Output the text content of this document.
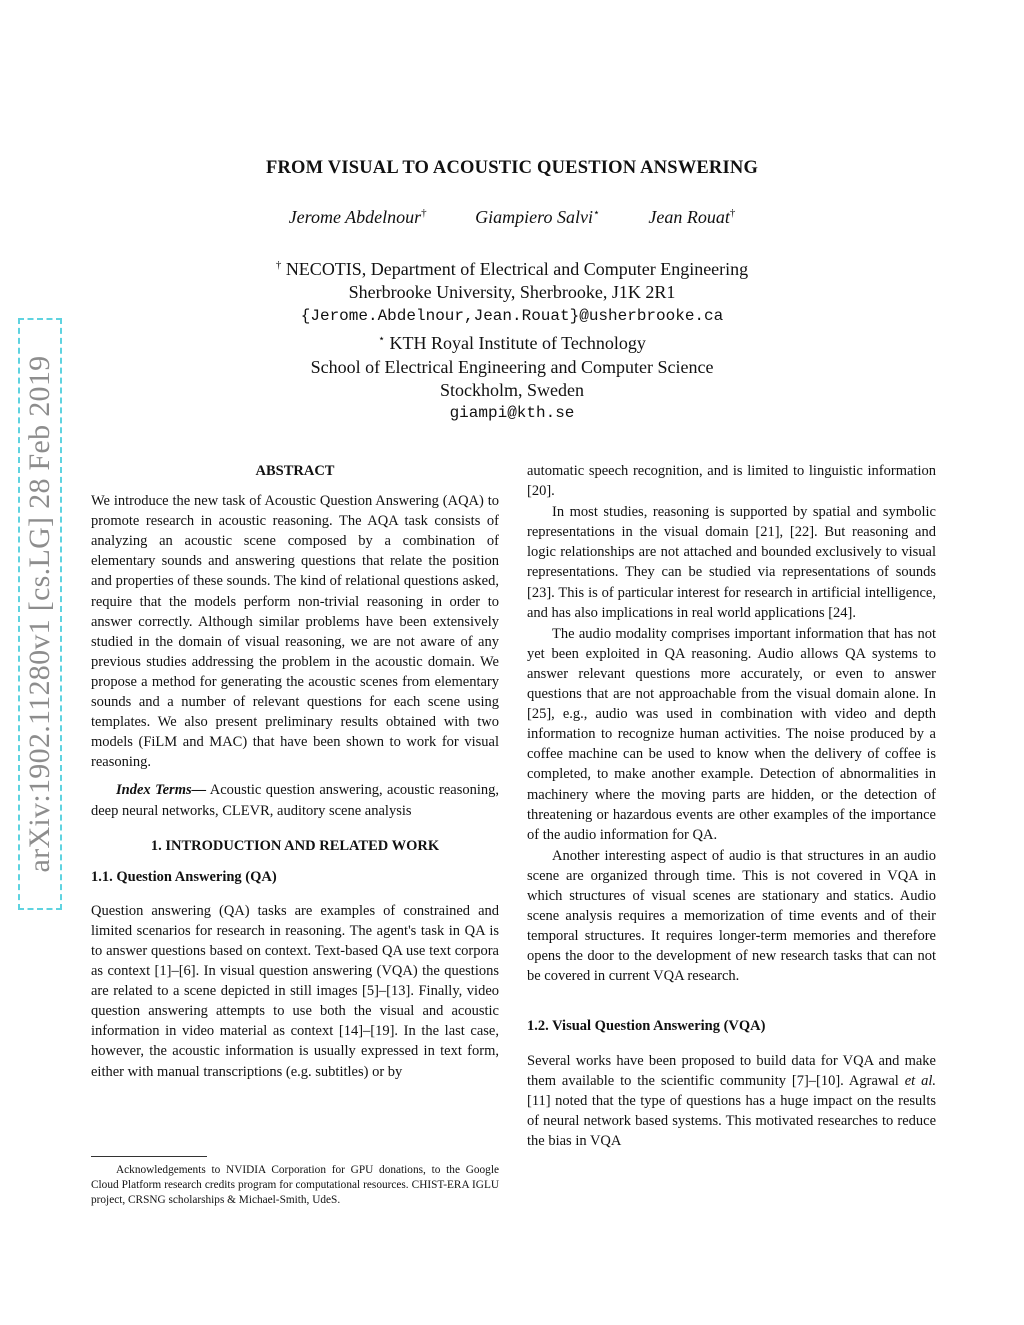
arXiv:1902.11280v1 [cs.LG] 28 Feb 2019
FROM VISUAL TO ACOUSTIC QUESTION ANSWERING
Jerome Abdelnour†	Giampiero Salvi⋆	Jean Rouat†
† NECOTIS, Department of Electrical and Computer Engineering
Sherbrooke University, Sherbrooke, J1K 2R1
{Jerome.Abdelnour,Jean.Rouat}@usherbrooke.ca
⋆ KTH Royal Institute of Technology
School of Electrical Engineering and Computer Science
Stockholm, Sweden
giampi@kth.se

ABSTRACT

We introduce the new task of Acoustic Question Answering (AQA) to promote research in acoustic reasoning. The AQA task consists of analyzing an acoustic scene composed by a combination of elementary sounds and answering questions that relate the position and properties of these sounds. The kind of relational questions asked, require that the models perform non-trivial reasoning in order to answer correctly. Although similar problems have been extensively studied in the domain of visual reasoning, we are not aware of any previous studies addressing the problem in the acoustic domain. We propose a method for generating the acoustic scenes from elementary sounds and a number of relevant questions for each scene using templates. We also present preliminary results obtained with two models (FiLM and MAC) that have been shown to work for visual reasoning.

Index Terms— Acoustic question answering, acoustic reasoning, deep neural networks, CLEVR, auditory scene analysis

1. INTRODUCTION AND RELATED WORK

1.1. Question Answering (QA)

Question answering (QA) tasks are examples of constrained and limited scenarios for research in reasoning. The agent's task in QA is to answer questions based on context. Text-based QA use text corpora as context [1]–[6]. In visual question answering (VQA) the questions are related to a scene depicted in still images [5]–[13]. Finally, video question answering attempts to use both the visual and acoustic information in video material as context [14]–[19]. In the last case, however, the acoustic information is usually expressed in text form, either with manual transcriptions (e.g. subtitles) or by

automatic speech recognition, and is limited to linguistic information [20].

In most studies, reasoning is supported by spatial and symbolic representations in the visual domain [21], [22]. But reasoning and logic relationships are not attached and bounded exclusively to visual representations. They can be studied via representations of sounds [23]. This is of particular interest for research in artificial intelligence, and has also implications in real world applications [24].

The audio modality comprises important information that has not yet been exploited in QA reasoning. Audio allows QA systems to answer relevant questions more accurately, or even to answer questions that are not approachable from the visual domain alone. In [25], e.g., audio was used in combination with video and depth information to recognize human activities. The noise produced by a coffee machine can be used to know when the delivery of coffee is completed, to make another example. Detection of abnormalities in machinery where the moving parts are hidden, or the detection of threatening or hazardous events are other examples of the importance of the audio information for QA.

Another interesting aspect of audio is that structures in an audio scene are organized through time. This is not covered in VQA in which structures of visual scenes are stationary and statics. Audio scene analysis requires a memorization of time events and of their temporal structures. It requires longer-term memories and therefore opens the door to the development of new research tasks that can not be covered in current VQA research.

1.2. Visual Question Answering (VQA)

Several works have been proposed to build data for VQA and make them available to the scientific community [7]–[10]. Agrawal et al. [11] noted that the type of questions has a huge impact on the results of neural network based systems. This motivated researches to reduce the bias in VQA

Acknowledgements to NVIDIA Corporation for GPU donations, to the Google Cloud Platform research credits program for computational resources. CHIST-ERA IGLU project, CRSNG scholarships & Michael-Smith, UdeS.
